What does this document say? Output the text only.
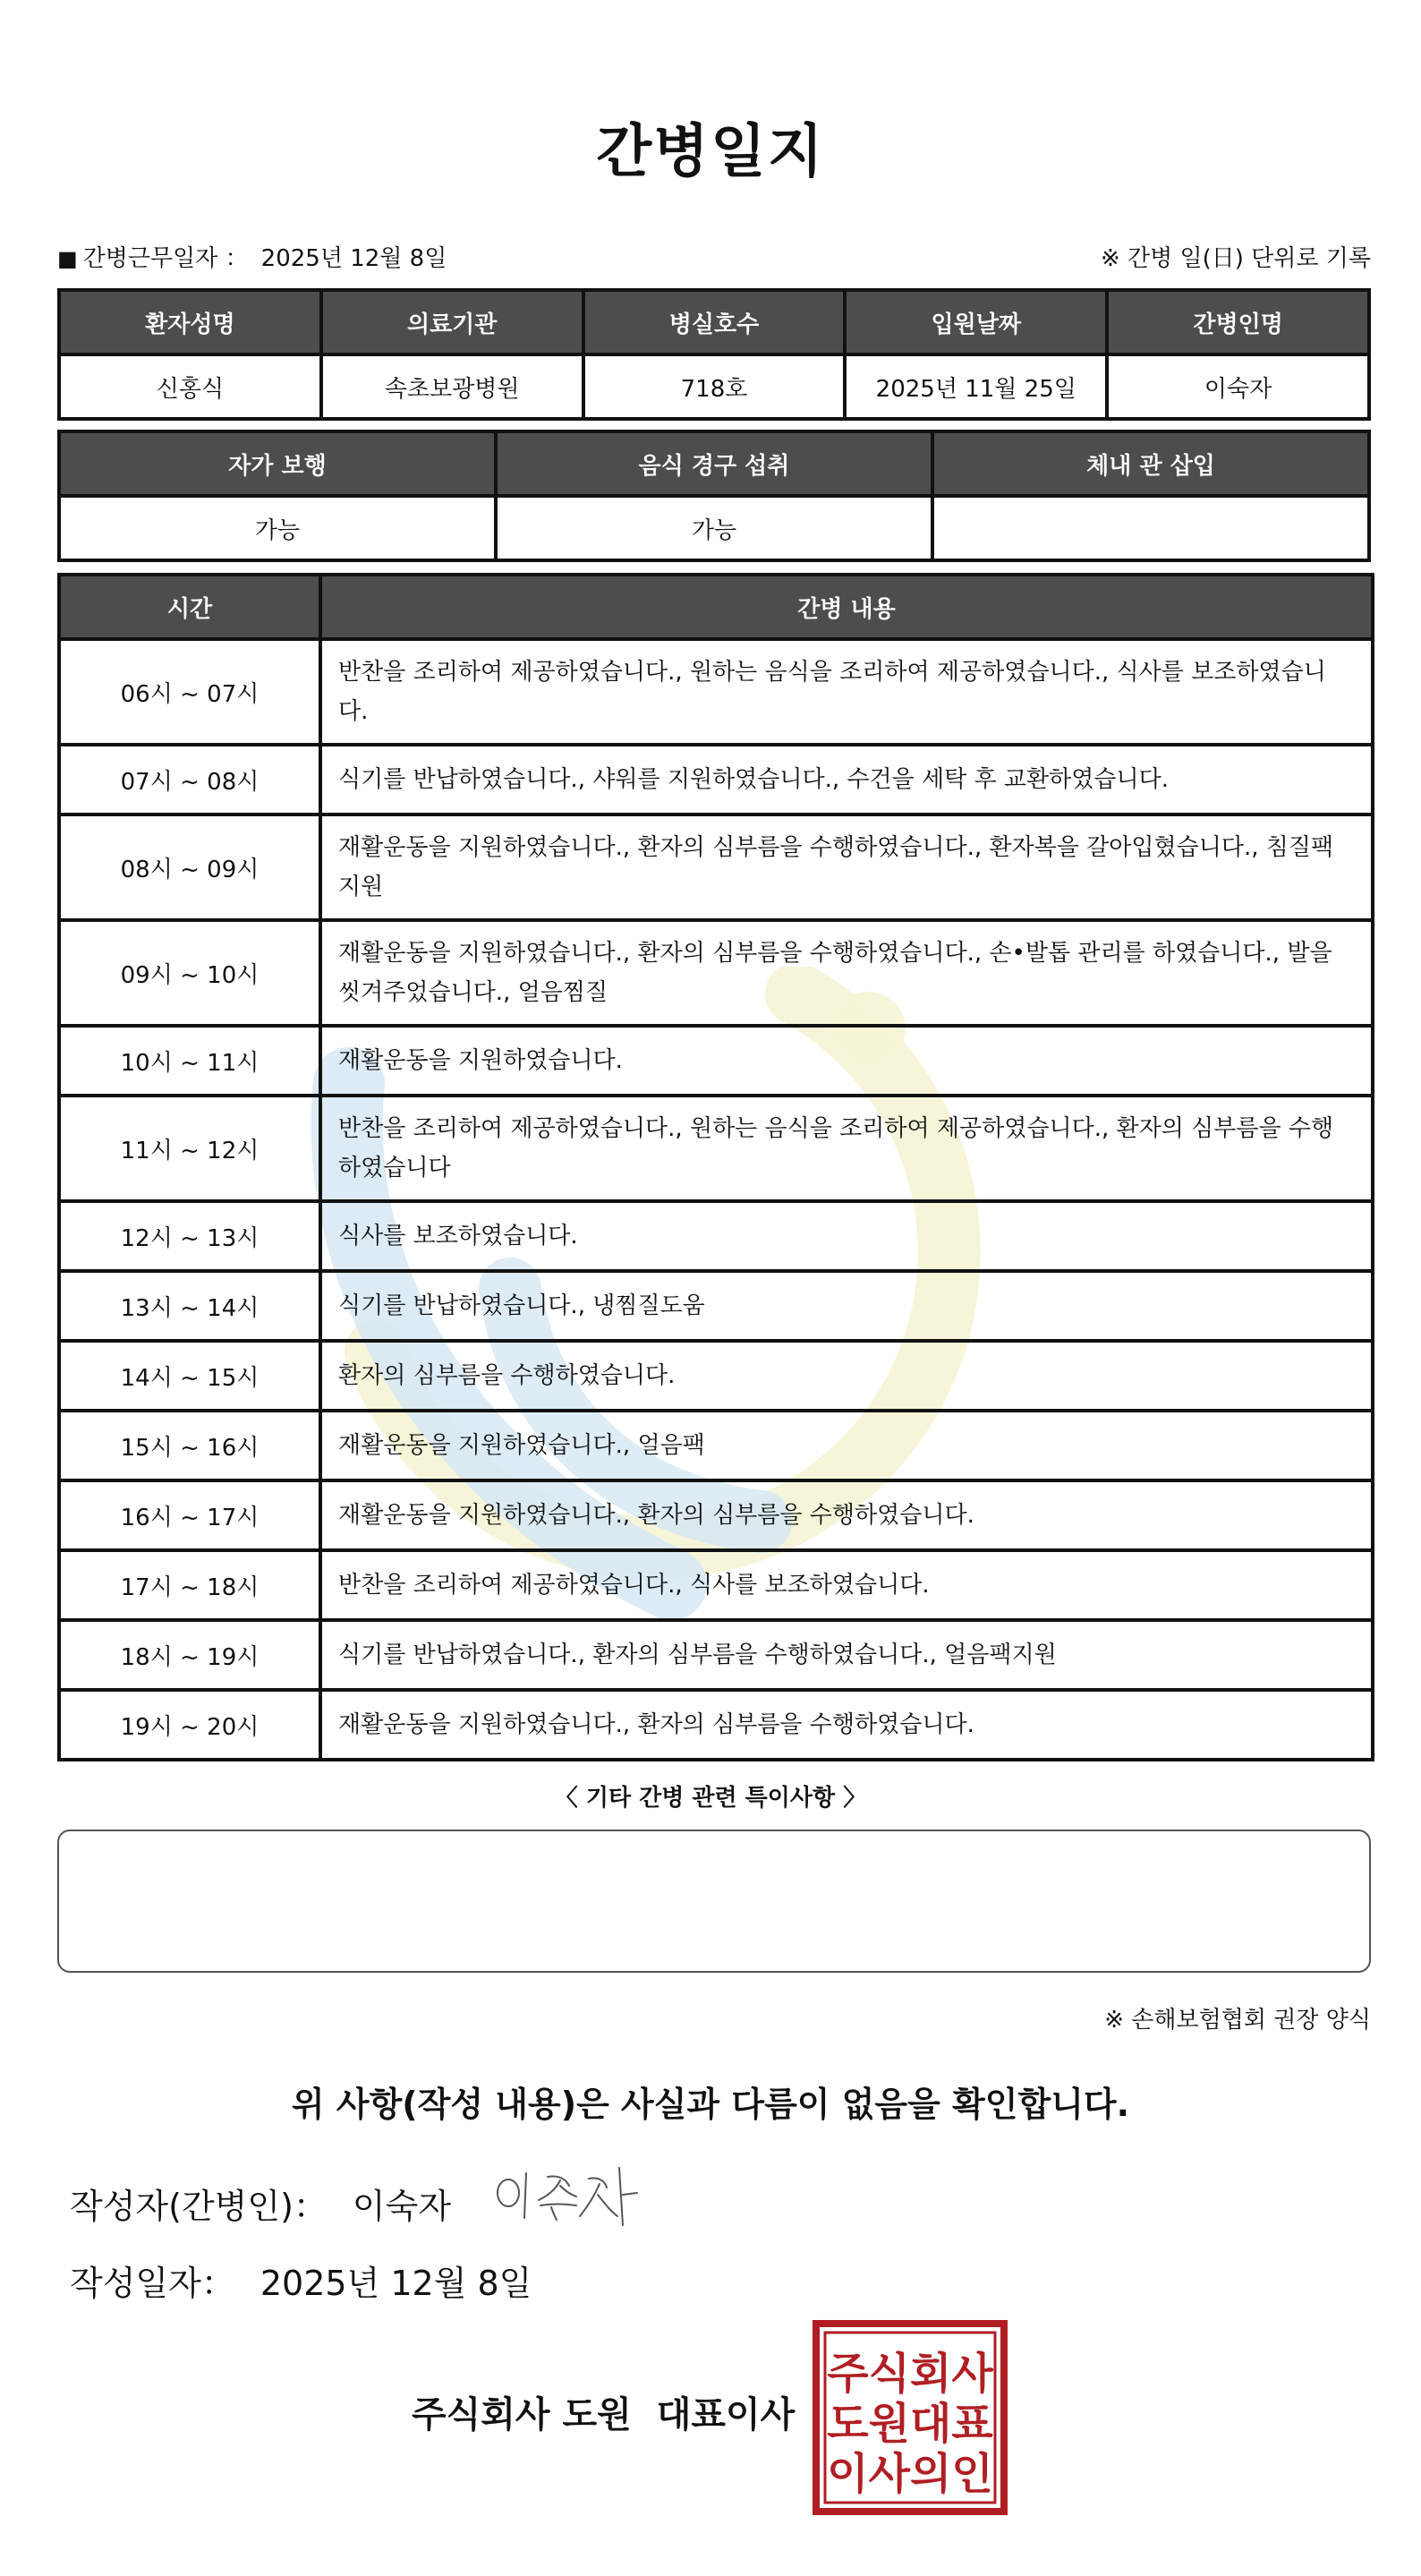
간병일지
■ 간병근무일자 ： 2025년 12월 8일	※ 간병 일(日) 단위로 기록
환자성명	의료기관	병실호수	입원날짜	간병인명
신홍식	속초보광병원	718호	2025년 11월 25일	이숙자
자가 보행	음식 경구 섭취	체내 관 삽입
가능	가능	
시간	간병 내용
06시 ~ 07시	반찬을 조리하여 제공하였습니다., 원하는 음식을 조리하여 제공하였습니다., 식사를 보조하였습니다.
07시 ~ 08시	식기를 반납하였습니다., 샤워를 지원하였습니다., 수건을 세탁 후 교환하였습니다.
08시 ~ 09시	재활운동을 지원하였습니다., 환자의 심부름을 수행하였습니다., 환자복을 갈아입혔습니다., 침질팩지원
09시 ~ 10시	재활운동을 지원하였습니다., 환자의 심부름을 수행하였습니다., 손•발톱 관리를 하였습니다., 발을 씻겨주었습니다., 얼음찜질
10시 ~ 11시	재활운동을 지원하였습니다.
11시 ~ 12시	반찬을 조리하여 제공하였습니다., 원하는 음식을 조리하여 제공하였습니다., 환자의 심부름을 수행하였습니다
12시 ~ 13시	식사를 보조하였습니다.
13시 ~ 14시	식기를 반납하였습니다., 냉찜질도움
14시 ~ 15시	환자의 심부름을 수행하였습니다.
15시 ~ 16시	재활운동을 지원하였습니다., 얼음팩
16시 ~ 17시	재활운동을 지원하였습니다., 환자의 심부름을 수행하였습니다.
17시 ~ 18시	반찬을 조리하여 제공하였습니다., 식사를 보조하였습니다.
18시 ~ 19시	식기를 반납하였습니다., 환자의 심부름을 수행하였습니다., 얼음팩지원
19시 ~ 20시	재활운동을 지원하였습니다., 환자의 심부름을 수행하였습니다.
〈 기타 간병 관련 특이사항 〉
※ 손해보험협회 권장 양식
위 사항(작성 내용)은 사실과 다름이 없음을 확인합니다.
작성자(간병인)： 이숙자
작성일자： 2025년 12월 8일
주식회사 도원 대표이사
주식회사
도원대표
이사의인
